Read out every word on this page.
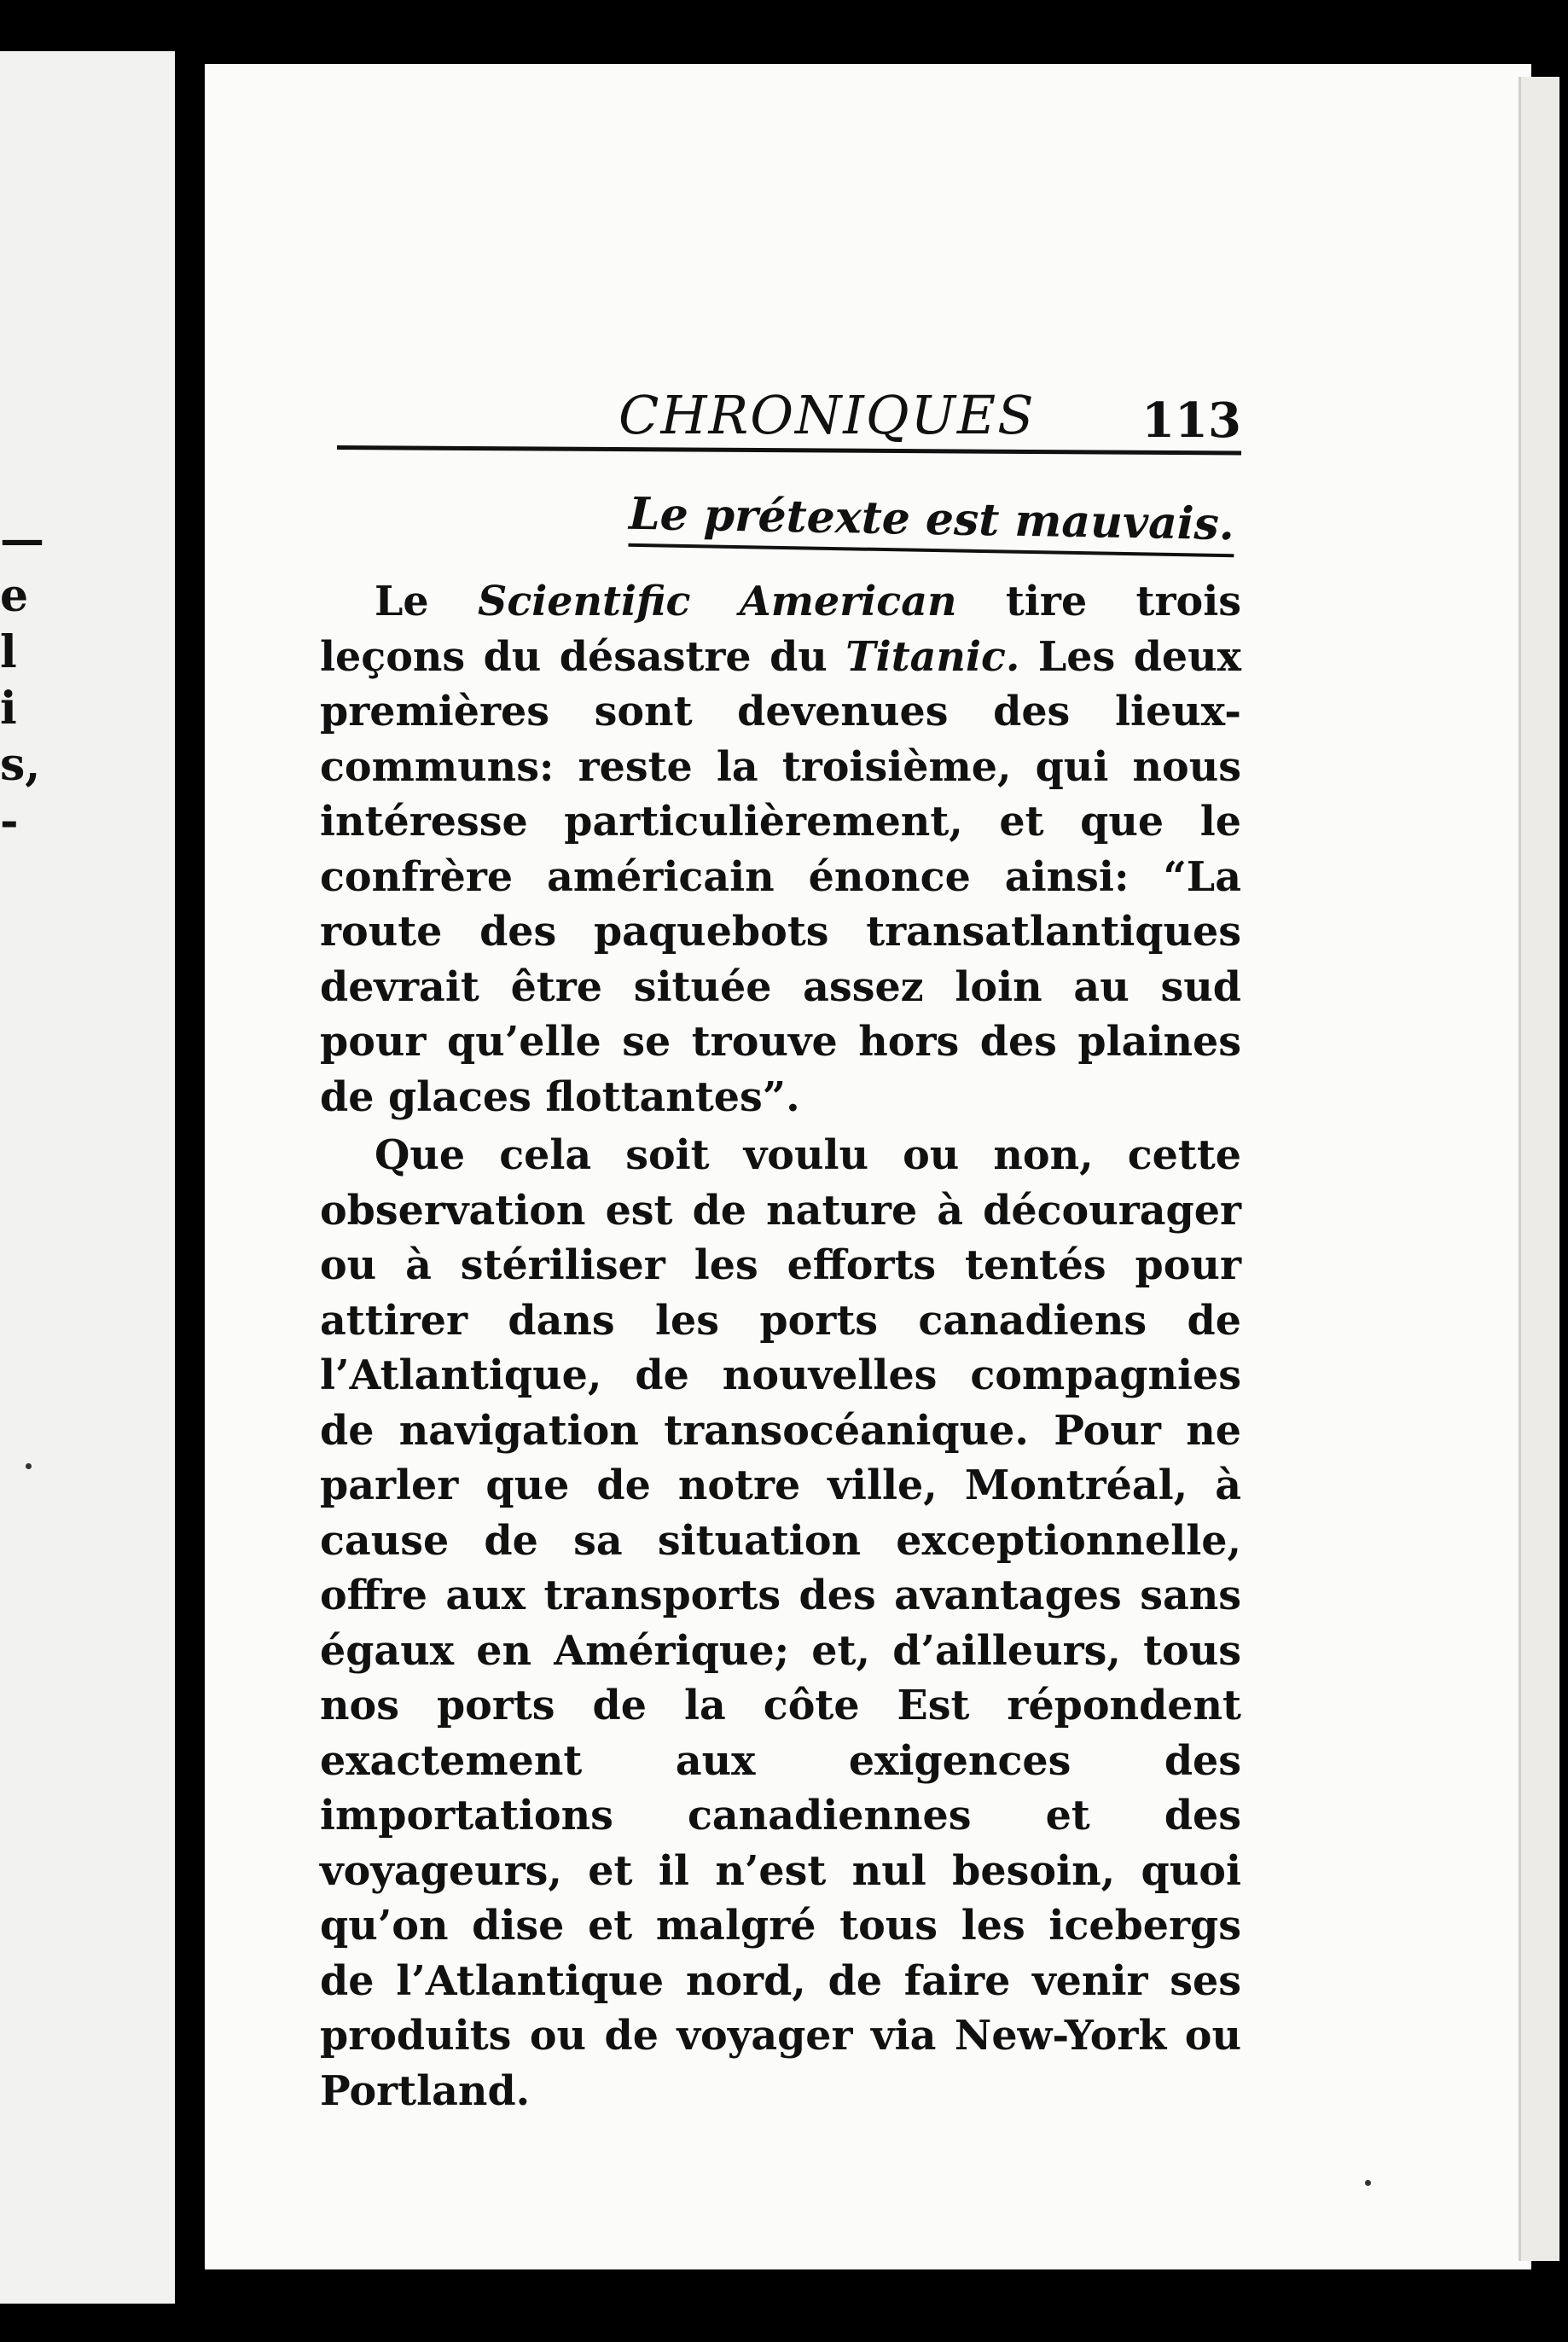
—
e
l
i
s,
-
CHRONIQUES 113
Le prétexte est mauvais.

Le Scientific American tire trois leçons du désastre du Titanic. Les deux premières sont devenues des lieux-communs: reste la troisième, qui nous intéresse particulièrement, et que le confrère américain énonce ainsi: “La route des paquebots transatlantiques devrait être située assez loin au sud pour qu’elle se trouve hors des plaines de glaces flottantes”.

Que cela soit voulu ou non, cette observation est de nature à décourager ou à stériliser les efforts tentés pour attirer dans les ports canadiens de l’Atlantique, de nouvelles compagnies de navigation transocéanique. Pour ne parler que de notre ville, Montréal, à cause de sa situation exceptionnelle, offre aux transports des avantages sans égaux en Amérique; et, d’ailleurs, tous nos ports de la côte Est répondent exactement aux exigences des importations canadiennes et des voyageurs, et il n’est nul besoin, quoi qu’on dise et malgré tous les icebergs de l’Atlantique nord, de faire venir ses produits ou de voyager via New-York ou Portland.
